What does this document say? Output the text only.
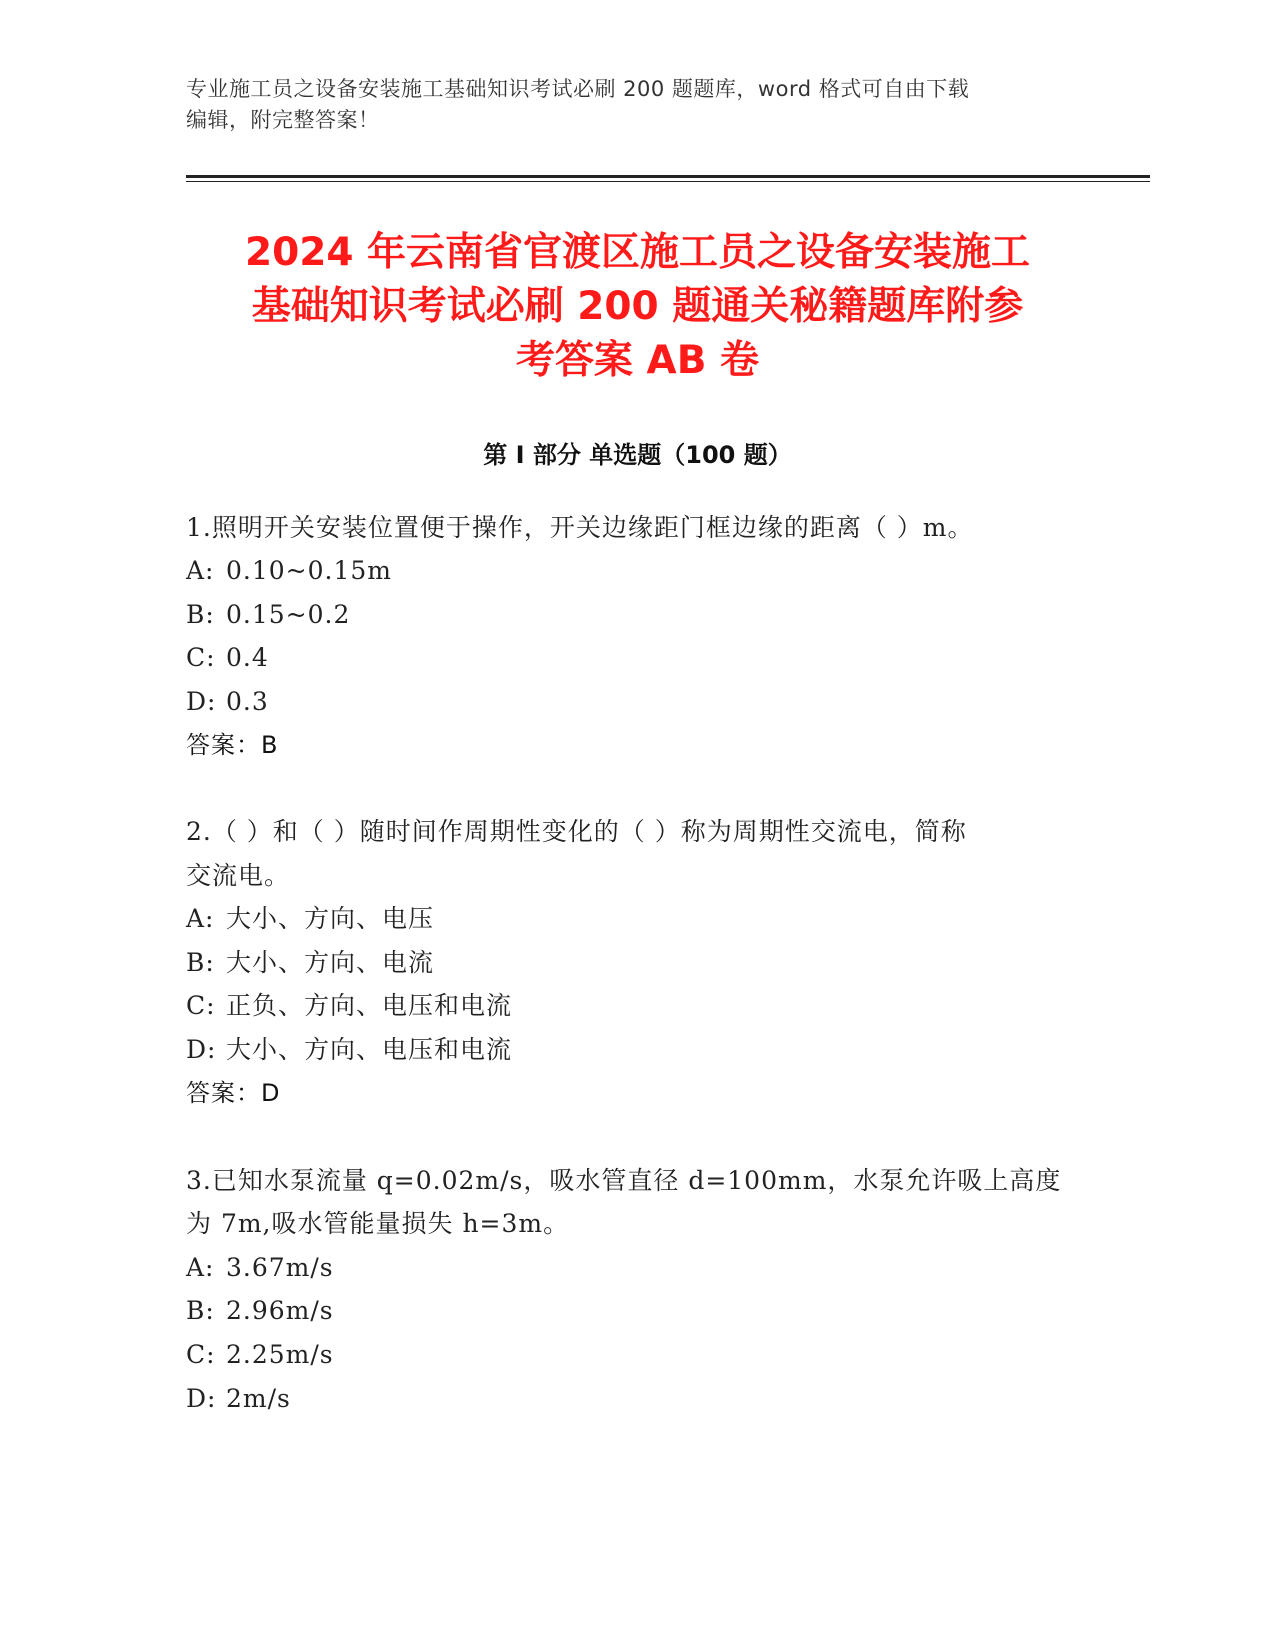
专业施工员之设备安装施工基础知识考试必刷 200 题题库，word 格式可自由下载
编辑，附完整答案！
2024 年云南省官渡区施工员之设备安装施工
基础知识考试必刷 200 题通关秘籍题库附参
考答案 AB 卷
第 I 部分 单选题（100 题）
1.照明开关安装位置便于操作，开关边缘距门框边缘的距离（ ）m。
A: 0.10~0.15m
B: 0.15~0.2
C: 0.4
D: 0.3
答案：B
2.（ ）和（ ）随时间作周期性变化的（ ）称为周期性交流电，简称
交流电。
A: 大小、方向、电压
B: 大小、方向、电流
C: 正负、方向、电压和电流
D: 大小、方向、电压和电流
答案：D
3.已知水泵流量 q=0.02m/s，吸水管直径 d=100mm，水泵允许吸上高度
为 7m,吸水管能量损失 h=3m。
A: 3.67m/s
B: 2.96m/s
C: 2.25m/s
D: 2m/s
